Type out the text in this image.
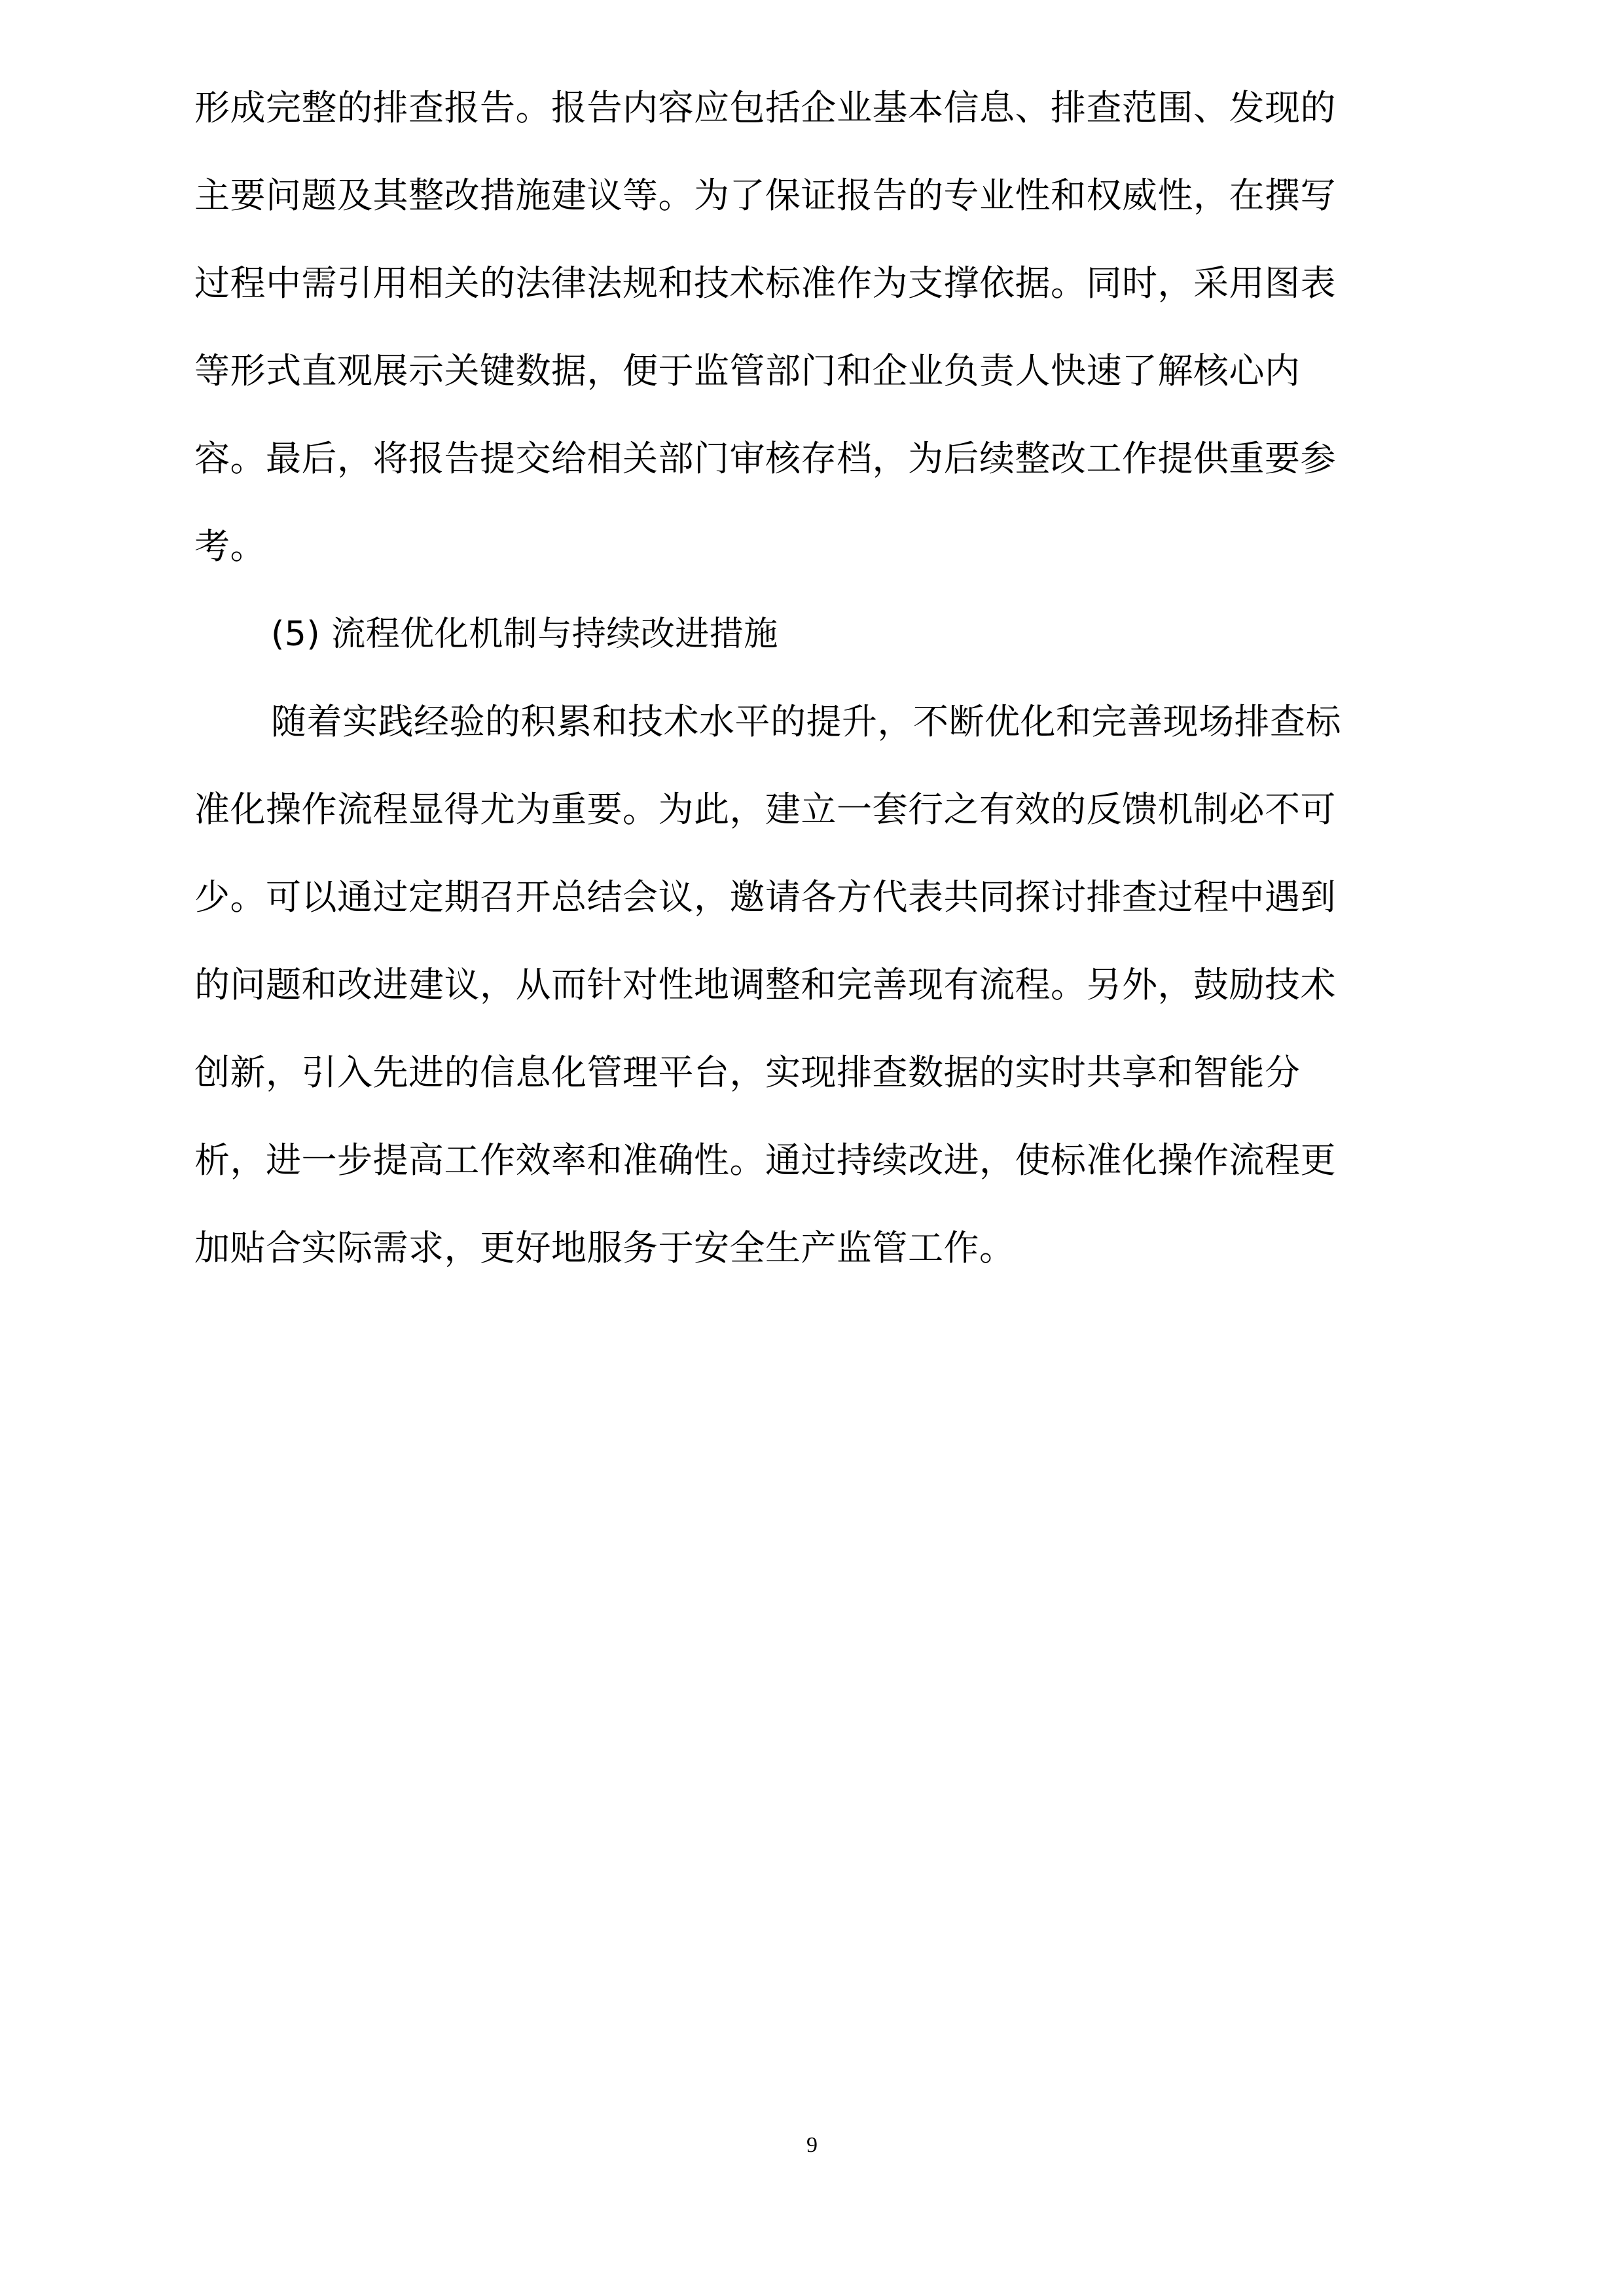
形成完整的排查报告。报告内容应包括企业基本信息、排查范围、发现的
主要问题及其整改措施建议等。为了保证报告的专业性和权威性，在撰写
过程中需引用相关的法律法规和技术标准作为支撑依据。同时，采用图表
等形式直观展示关键数据，便于监管部门和企业负责人快速了解核心内
容。最后，将报告提交给相关部门审核存档，为后续整改工作提供重要参
考。
(5) 流程优化机制与持续改进措施
随着实践经验的积累和技术水平的提升，不断优化和完善现场排查标
准化操作流程显得尤为重要。为此，建立一套行之有效的反馈机制必不可
少。可以通过定期召开总结会议，邀请各方代表共同探讨排查过程中遇到
的问题和改进建议，从而针对性地调整和完善现有流程。另外，鼓励技术
创新，引入先进的信息化管理平台，实现排查数据的实时共享和智能分
析，进一步提高工作效率和准确性。通过持续改进，使标准化操作流程更
加贴合实际需求，更好地服务于安全生产监管工作。
9
